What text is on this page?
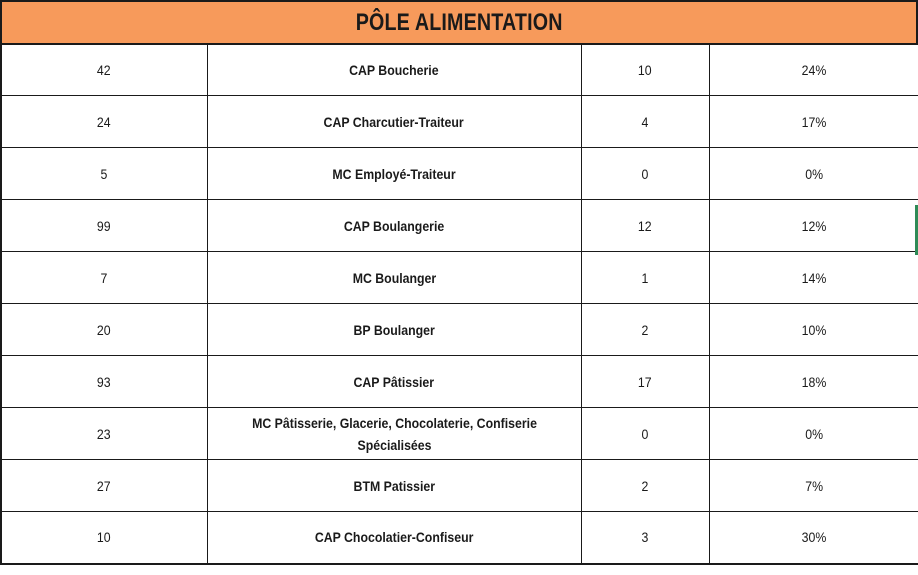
PÔLE ALIMENTATION
42	CAP Boucherie	10	24%
24	CAP Charcutier-Traiteur	4	17%
5	MC Employé-Traiteur	0	0%
99	CAP Boulangerie	12	12%
7	MC Boulanger	1	14%
20	BP Boulanger	2	10%
93	CAP Pâtissier	17	18%
23	MC Pâtisserie, Glacerie, Chocolaterie, Confiserie Spécialisées	0	0%
27	BTM Patissier	2	7%
10	CAP Chocolatier-Confiseur	3	30%
